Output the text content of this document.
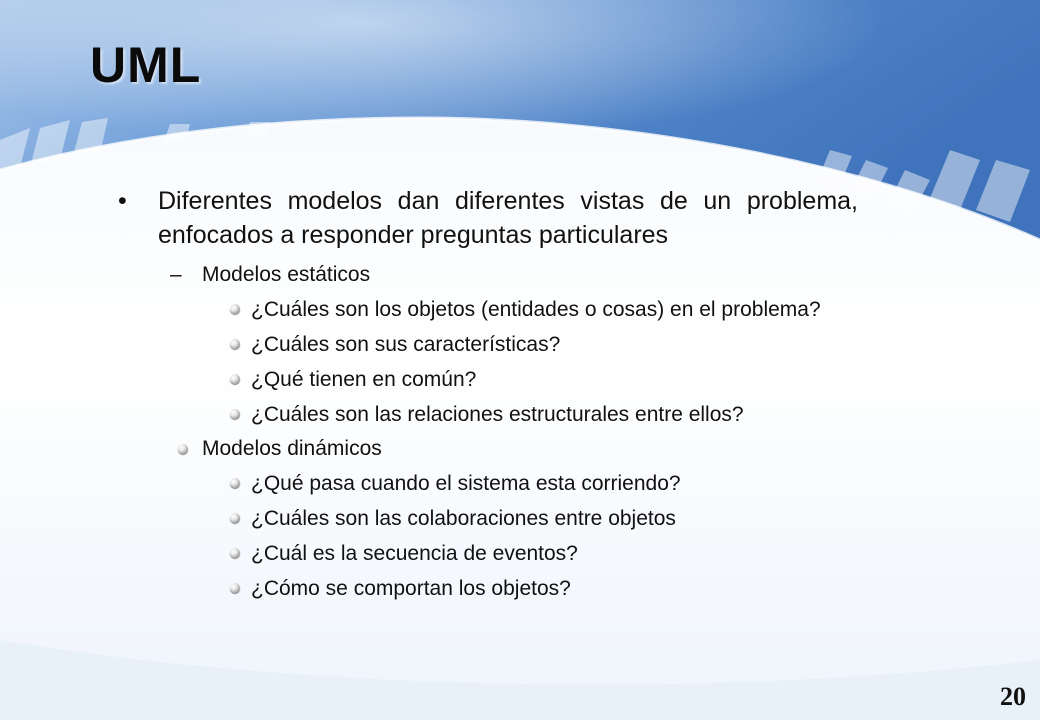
UML
• Diferentes modelos dan diferentes vistas de un problema, enfocados a responder preguntas particulares
– Modelos estáticos
¿Cuáles son los objetos (entidades o cosas) en el problema?
¿Cuáles son sus características?
¿Qué tienen en común?
¿Cuáles son las relaciones estructurales entre ellos?
Modelos dinámicos
¿Qué pasa cuando el sistema esta corriendo?
¿Cuáles son las colaboraciones entre objetos
¿Cuál es la secuencia de eventos?
¿Cómo se comportan los objetos?
20
